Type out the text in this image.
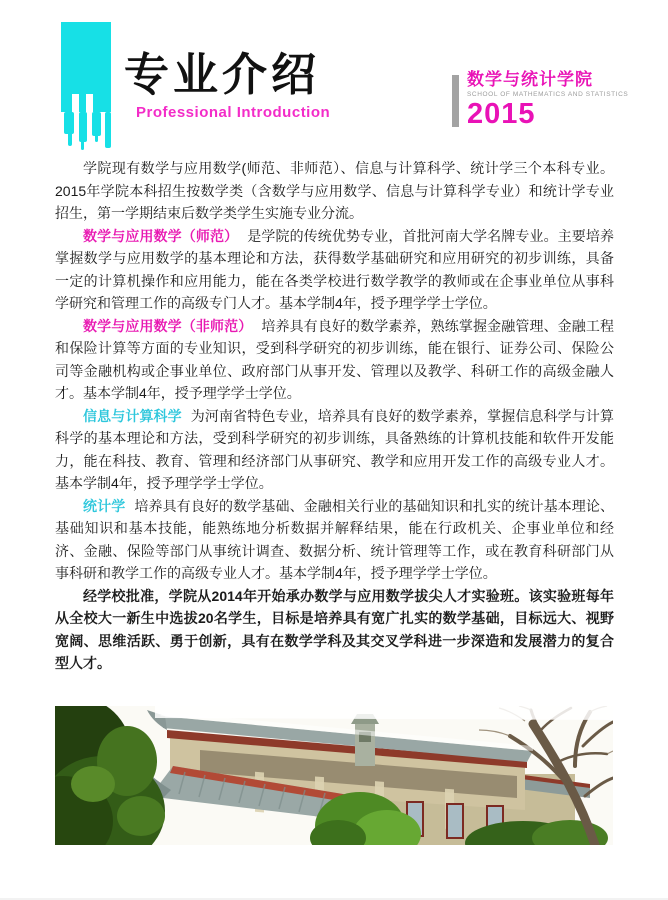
专业介绍
Professional Introduction
数学与统计学院
SCHOOL OF MATHEMATICS AND STATISTICS
2015

学院现有数学与应用数学(师范、非师范）、信息与计算科学、统计学三个本科专业。2015年学院本科招生按数学类（含数学与应用数学、信息与计算科学专业）和统计学专业招生，第一学期结束后数学类学生实施专业分流。

数学与应用数学（师范） 是学院的传统优势专业，首批河南大学名牌专业。主要培养掌握数学与应用数学的基本理论和方法，获得数学基础研究和应用研究的初步训练，具备一定的计算机操作和应用能力，能在各类学校进行数学教学的教师或在企事业单位从事科学研究和管理工作的高级专门人才。基本学制4年，授予理学学士学位。

数学与应用数学（非师范） 培养具有良好的数学素养，熟练掌握金融管理、金融工程和保险计算等方面的专业知识，受到科学研究的初步训练，能在银行、证券公司、保险公司等金融机构或企事业单位、政府部门从事开发、管理以及教学、科研工作的高级金融人才。基本学制4年，授予理学学士学位。

信息与计算科学 为河南省特色专业，培养具有良好的数学素养，掌握信息科学与计算科学的基本理论和方法，受到科学研究的初步训练，具备熟练的计算机技能和软件开发能力，能在科技、教育、管理和经济部门从事研究、教学和应用开发工作的高级专业人才。基本学制4年，授予理学学士学位。

统计学 培养具有良好的数学基础、金融相关行业的基础知识和扎实的统计基本理论、基础知识和基本技能，能熟练地分析数据并解释结果，能在行政机关、企事业单位和经济、金融、保险等部门从事统计调查、数据分析、统计管理等工作，或在教育科研部门从事科研和教学工作的高级专业人才。基本学制4年，授予理学学士学位。

经学校批准，学院从2014年开始承办数学与应用数学拔尖人才实验班。该实验班每年从全校大一新生中选拔20名学生，目标是培养具有宽广扎实的数学基础，目标远大、视野宽阔、思维活跃、勇于创新，具有在数学学科及其交叉学科进一步深造和发展潜力的复合型人才。
